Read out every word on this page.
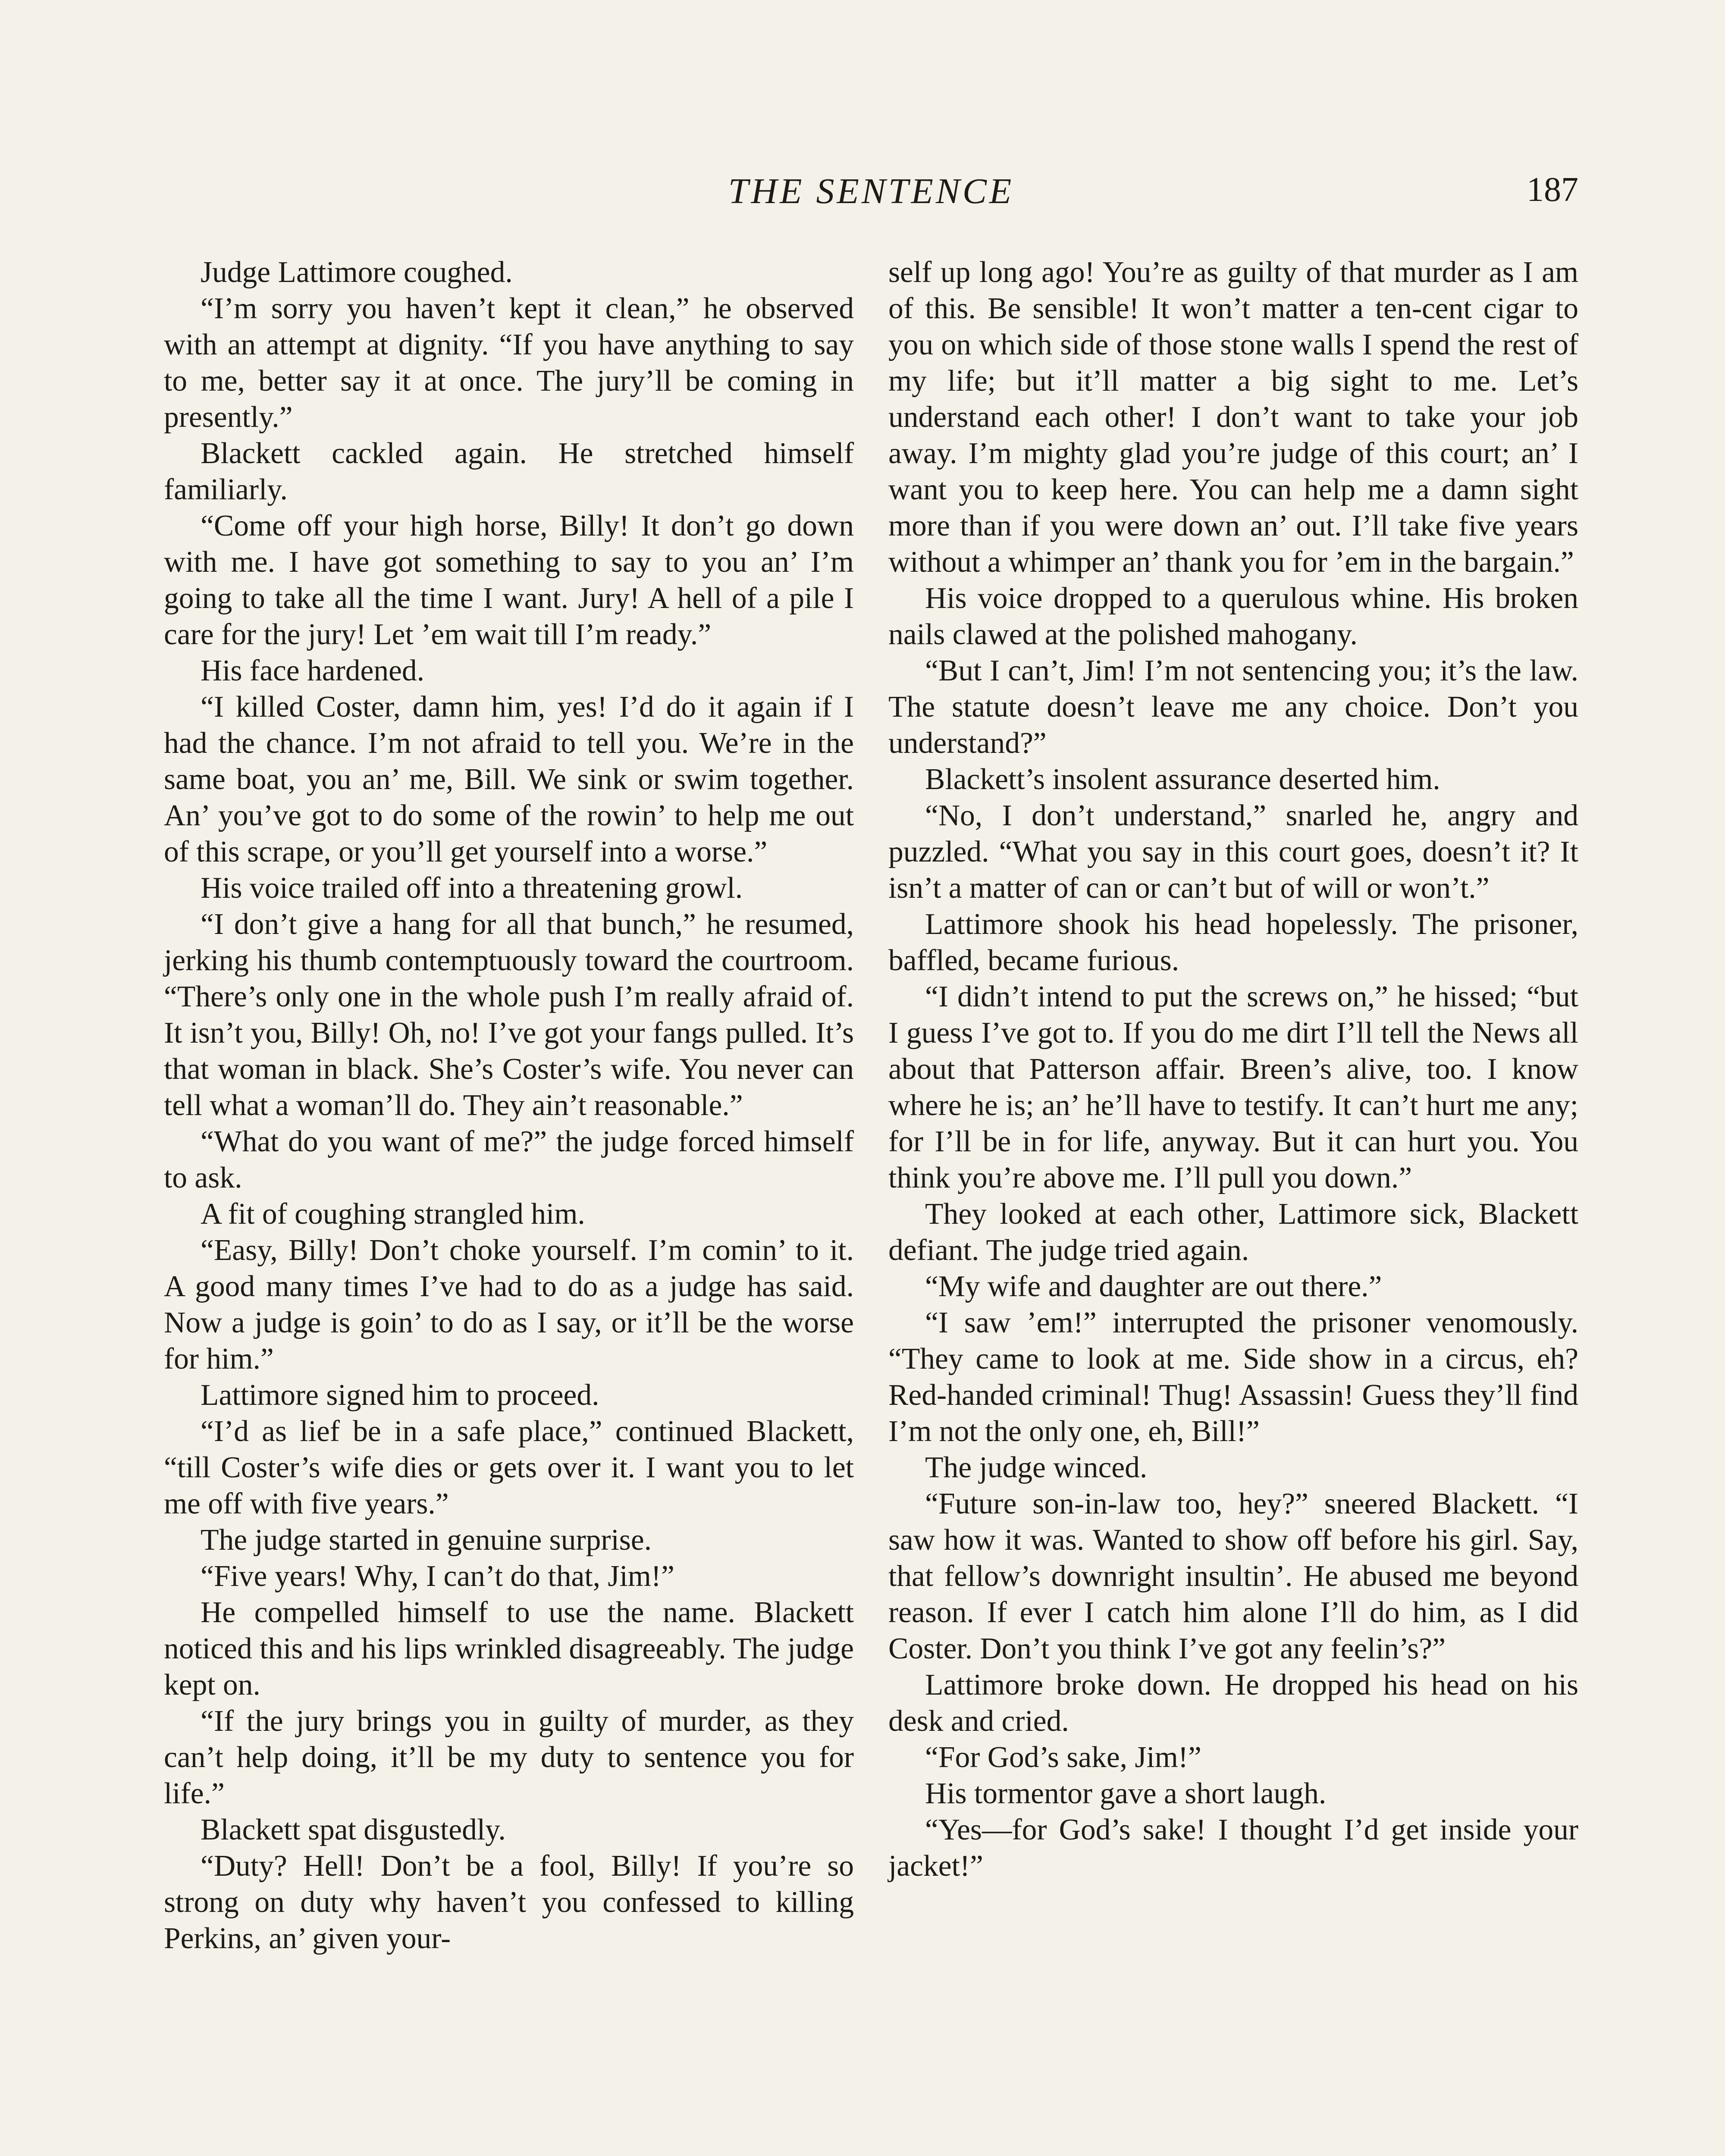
THE SENTENCE	187

Judge Lattimore coughed.

“I’m sorry you haven’t kept it clean,” he observed with an attempt at dignity. “If you have anything to say to me, better say it at once. The jury’ll be coming in presently.”

Blackett cackled again. He stretched himself familiarly.

“Come off your high horse, Billy! It don’t go down with me. I have got something to say to you an’ I’m going to take all the time I want. Jury! A hell of a pile I care for the jury! Let ’em wait till I’m ready.”

His face hardened.

“I killed Coster, damn him, yes! I’d do it again if I had the chance. I’m not afraid to tell you. We’re in the same boat, you an’ me, Bill. We sink or swim together. An’ you’ve got to do some of the rowin’ to help me out of this scrape, or you’ll get yourself into a worse.”

His voice trailed off into a threatening growl.

“I don’t give a hang for all that bunch,” he resumed, jerking his thumb contemptuously toward the courtroom. “There’s only one in the whole push I’m really afraid of. It isn’t you, Billy! Oh, no! I’ve got your fangs pulled. It’s that woman in black. She’s Coster’s wife. You never can tell what a woman’ll do. They ain’t reasonable.”

“What do you want of me?” the judge forced himself to ask.

A fit of coughing strangled him.

“Easy, Billy! Don’t choke yourself. I’m comin’ to it. A good many times I’ve had to do as a judge has said. Now a judge is goin’ to do as I say, or it’ll be the worse for him.”

Lattimore signed him to proceed.

“I’d as lief be in a safe place,” continued Blackett, “till Coster’s wife dies or gets over it. I want you to let me off with five years.”

The judge started in genuine surprise.

“Five years! Why, I can’t do that, Jim!”

He compelled himself to use the name. Blackett noticed this and his lips wrinkled disagreeably. The judge kept on.

“If the jury brings you in guilty of murder, as they can’t help doing, it’ll be my duty to sentence you for life.”

Blackett spat disgustedly.

“Duty? Hell! Don’t be a fool, Billy! If you’re so strong on duty why haven’t you confessed to killing Perkins, an’ given your-

self up long ago! You’re as guilty of that murder as I am of this. Be sensible! It won’t matter a ten-cent cigar to you on which side of those stone walls I spend the rest of my life; but it’ll matter a big sight to me. Let’s understand each other! I don’t want to take your job away. I’m mighty glad you’re judge of this court; an’ I want you to keep here. You can help me a damn sight more than if you were down an’ out. I’ll take five years without a whimper an’ thank you for ’em in the bargain.”

His voice dropped to a querulous whine. His broken nails clawed at the polished mahogany.

“But I can’t, Jim! I’m not sentencing you; it’s the law. The statute doesn’t leave me any choice. Don’t you understand?”

Blackett’s insolent assurance deserted him.

“No, I don’t understand,” snarled he, angry and puzzled. “What you say in this court goes, doesn’t it? It isn’t a matter of can or can’t but of will or won’t.”

Lattimore shook his head hopelessly. The prisoner, baffled, became furious.

“I didn’t intend to put the screws on,” he hissed; “but I guess I’ve got to. If you do me dirt I’ll tell the News all about that Patterson affair. Breen’s alive, too. I know where he is; an’ he’ll have to testify. It can’t hurt me any; for I’ll be in for life, anyway. But it can hurt you. You think you’re above me. I’ll pull you down.”

They looked at each other, Lattimore sick, Blackett defiant. The judge tried again.

“My wife and daughter are out there.”

“I saw ’em!” interrupted the prisoner venomously. “They came to look at me. Side show in a circus, eh? Red-handed criminal! Thug! Assassin! Guess they’ll find I’m not the only one, eh, Bill!”

The judge winced.

“Future son-in-law too, hey?” sneered Blackett. “I saw how it was. Wanted to show off before his girl. Say, that fellow’s downright insultin’. He abused me beyond reason. If ever I catch him alone I’ll do him, as I did Coster. Don’t you think I’ve got any feelin’s?”

Lattimore broke down. He dropped his head on his desk and cried.

“For God’s sake, Jim!”

His tormentor gave a short laugh.

“Yes—for God’s sake! I thought I’d get inside your jacket!”
